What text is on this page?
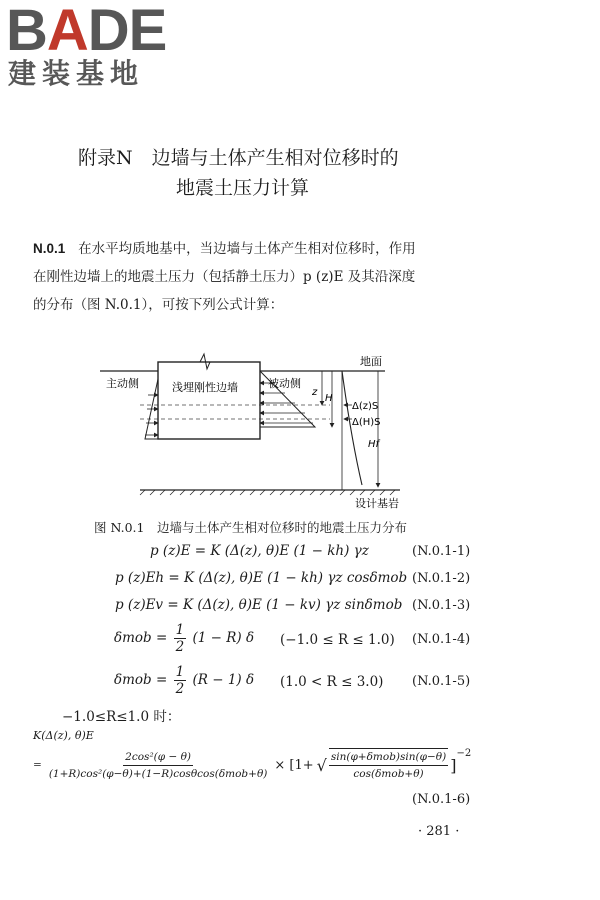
BADE
建装基地
附录N　边墙与土体产生相对位移时的
地震土压力计算
N.0.1 在水平均质地基中，当边墙与土体产生相对位移时，作用
在刚性边墙上的地震土压力（包括静土压力）p (z)E 及其沿深度
的分布（图 N.0.1），可按下列公式计算：
地面
主动侧	浅埋刚性边墙	被动侧
z
H
Δ(z)S
Δ(H)S
Hf
设计基岩
图 N.0.1　边墙与土体产生相对位移时的地震土压力分布
p (z)E = K (Δ(z), θ)E (1 − kh) γz	(N.0.1-1)
p (z)Eh = K (Δ(z), θ)E (1 − kh) γz cosδmob (N.0.1-2)
p (z)Ev = K (Δ(z), θ)E (1 − kv) γz sinδmob (N.0.1-3)
$\delta mob = \frac{1}{2} (1 - R)$ δ (−1.0 ≤ R ≤ 1.0) (N.0.1-4)
$\delta mob = \frac{1}{2} (R - 1)$ δ (1.0 < R ≤ 3.0) (N.0.1-5)
−1.0≤R≤1.0 时：
K(Δ(z), θ)E
= $\frac{\text{2cos²(φ − θ)}}{\text{(1+R)cos²(φ−θ)+(1−R)cosθcos(δmob+θ)}} \times [1+$ √ $\frac{\text{sin(φ+δmob)sin(φ−θ)}}{\text{cos(δmob+θ)}}$ ]
$^{-2}$
(N.0.1-6)
· 281 ·
